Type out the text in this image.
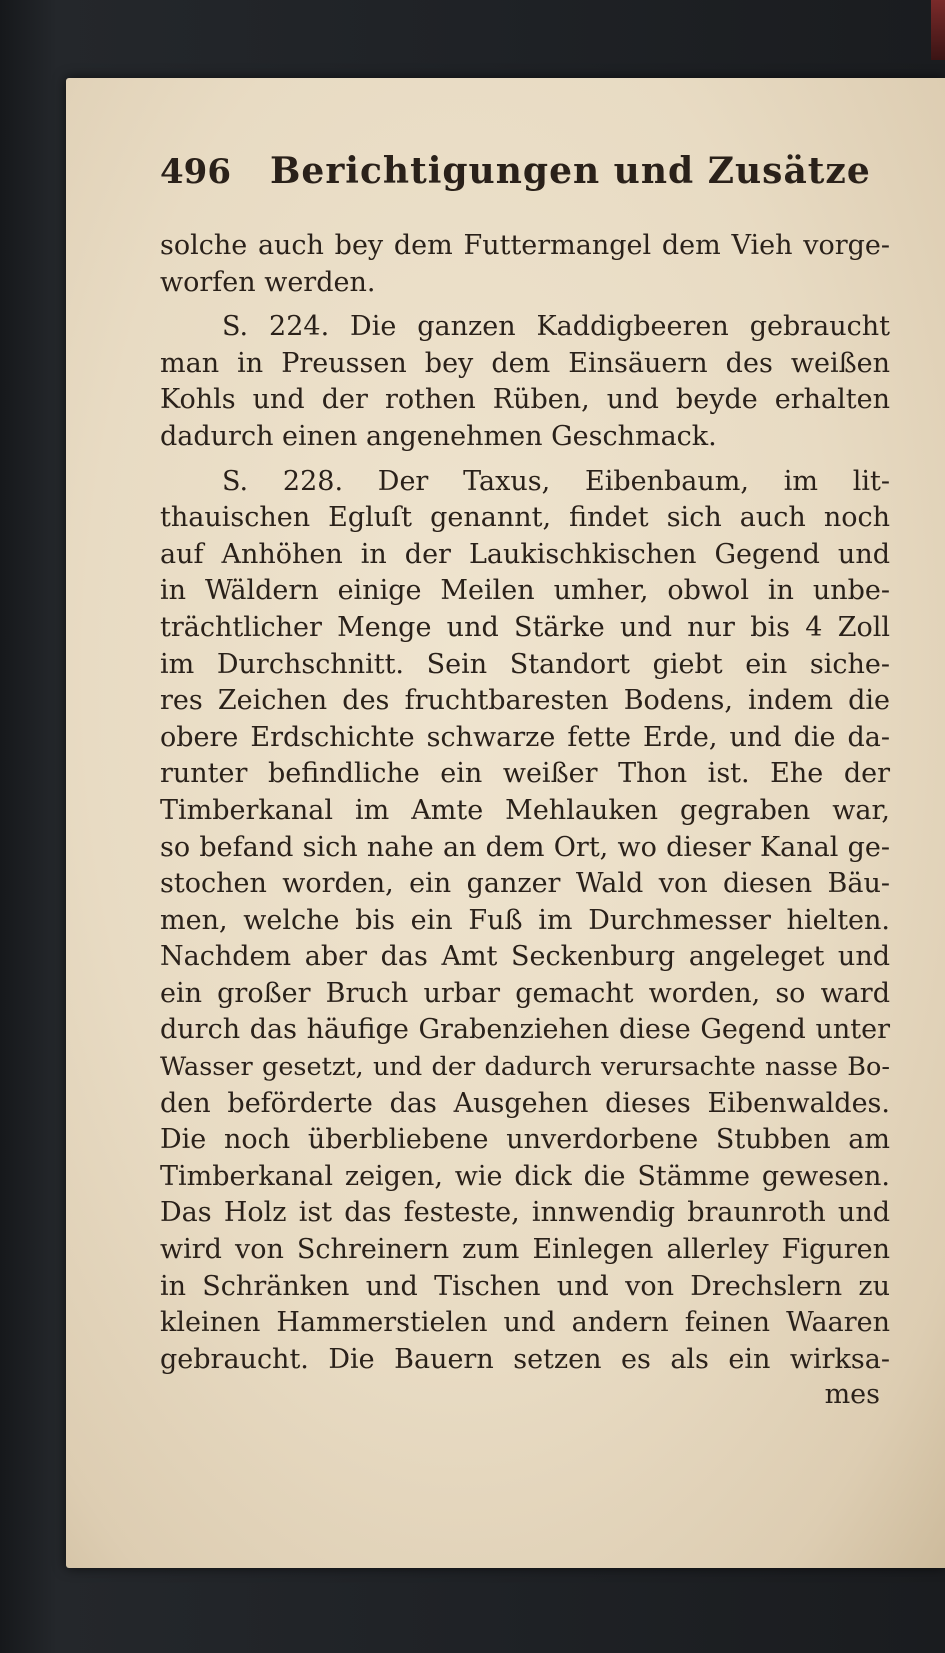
496	Berichtigungen und Zusätze
solche auch bey dem Futtermangel dem Vieh vorge-
worfen werden.
S. 224. Die ganzen Kaddigbeeren gebraucht
man in Preussen bey dem Einsäuern des weißen
Kohls und der rothen Rüben, und beyde erhalten
dadurch einen angenehmen Geschmack.
S. 228. Der Taxus, Eibenbaum, im lit-
thauischen Egluſt genannt, findet sich auch noch
auf Anhöhen in der Laukischkischen Gegend und
in Wäldern einige Meilen umher, obwol in unbe-
trächtlicher Menge und Stärke und nur bis 4 Zoll
im Durchschnitt. Sein Standort giebt ein siche-
res Zeichen des fruchtbaresten Bodens, indem die
obere Erdschichte schwarze fette Erde, und die da-
runter befindliche ein weißer Thon ist. Ehe der
Timberkanal im Amte Mehlauken gegraben war,
so befand sich nahe an dem Ort, wo dieser Kanal ge-
stochen worden, ein ganzer Wald von diesen Bäu-
men, welche bis ein Fuß im Durchmesser hielten.
Nachdem aber das Amt Seckenburg angeleget und
ein großer Bruch urbar gemacht worden, so ward
durch das häufige Grabenziehen diese Gegend unter
Wasser gesetzt, und der dadurch verursachte nasse Bo-
den beförderte das Ausgehen dieses Eibenwaldes.
Die noch überbliebene unverdorbene Stubben am
Timberkanal zeigen, wie dick die Stämme gewesen.
Das Holz ist das festeste, innwendig braunroth und
wird von Schreinern zum Einlegen allerley Figuren
in Schränken und Tischen und von Drechslern zu
kleinen Hammerstielen und andern feinen Waaren
gebraucht. Die Bauern setzen es als ein wirksa-
mes
